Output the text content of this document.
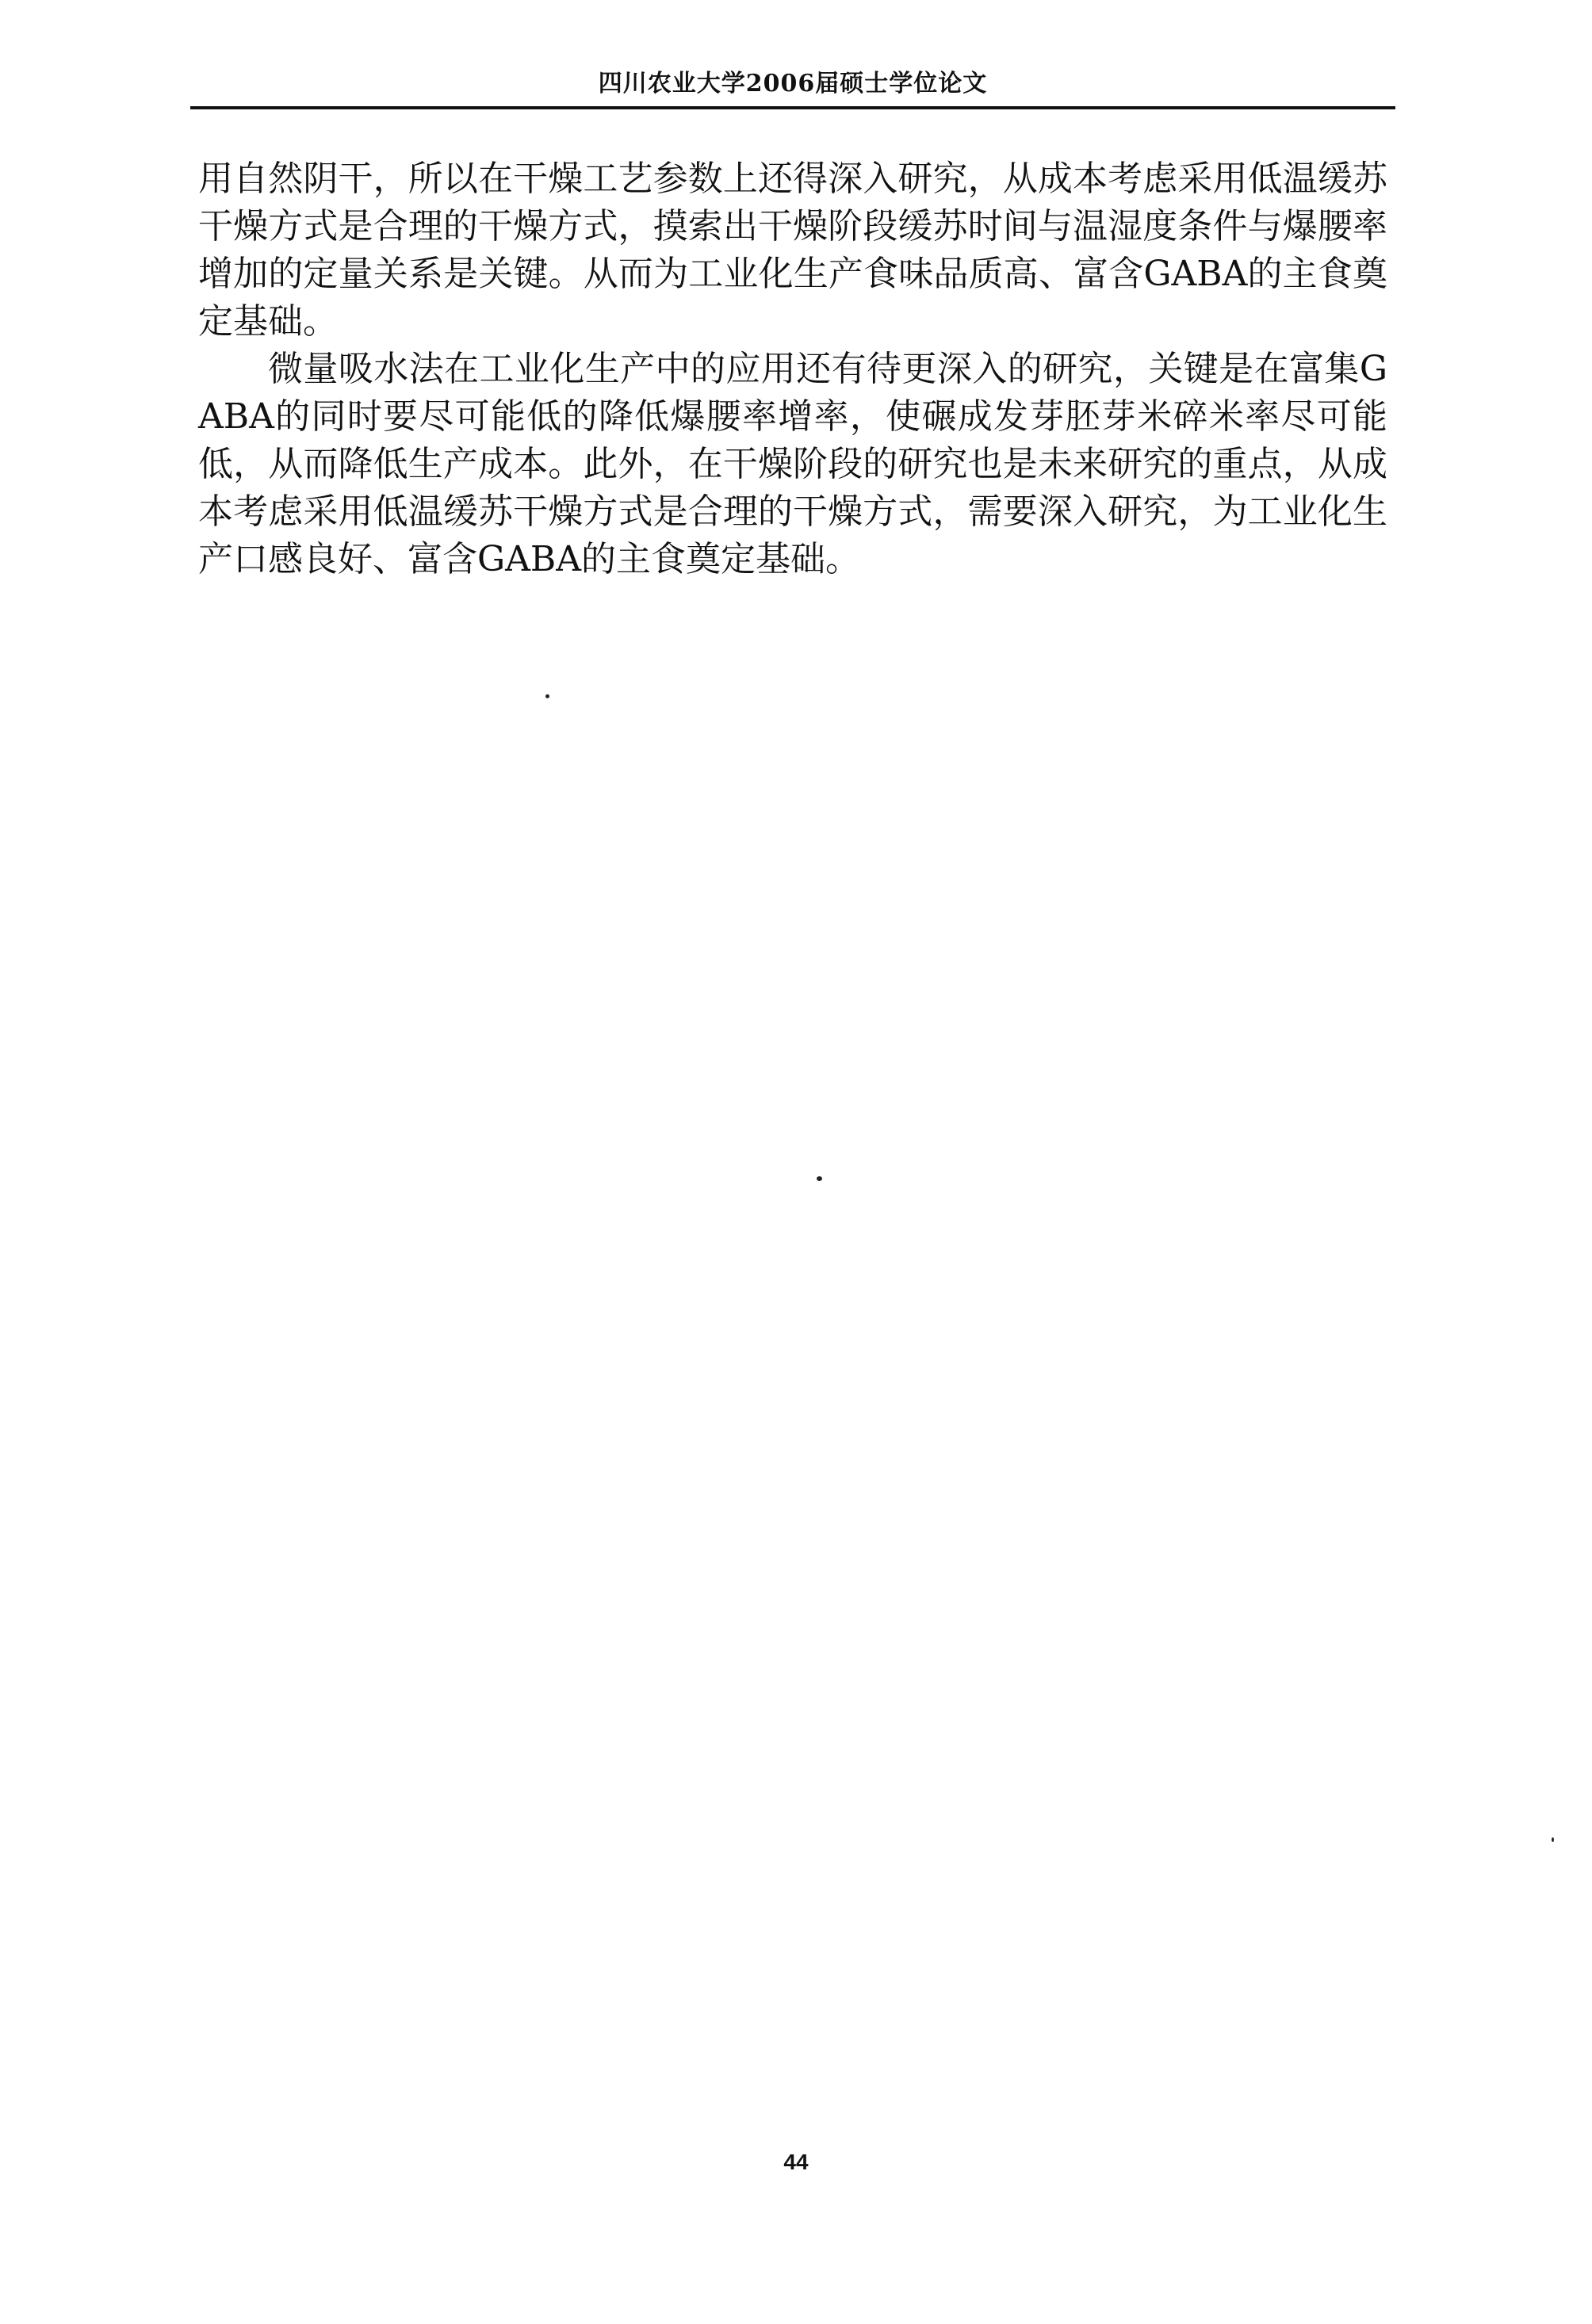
四川农业大学2006届硕士学位论文

用自然阴干，所以在干燥工艺参数上还得深入研究，从成本考虑采用低温缓苏干燥方式是合理的干燥方式，摸索出干燥阶段缓苏时间与温湿度条件与爆腰率增加的定量关系是关键。从而为工业化生产食味品质高、富含GABA的主食奠定基础。

微量吸水法在工业化生产中的应用还有待更深入的研究，关键是在富集GABA的同时要尽可能低的降低爆腰率增率，使碾成发芽胚芽米碎米率尽可能低，从而降低生产成本。此外，在干燥阶段的研究也是未来研究的重点，从成本考虑采用低温缓苏干燥方式是合理的干燥方式，需要深入研究，为工业化生产口感良好、富含GABA的主食奠定基础。

44
